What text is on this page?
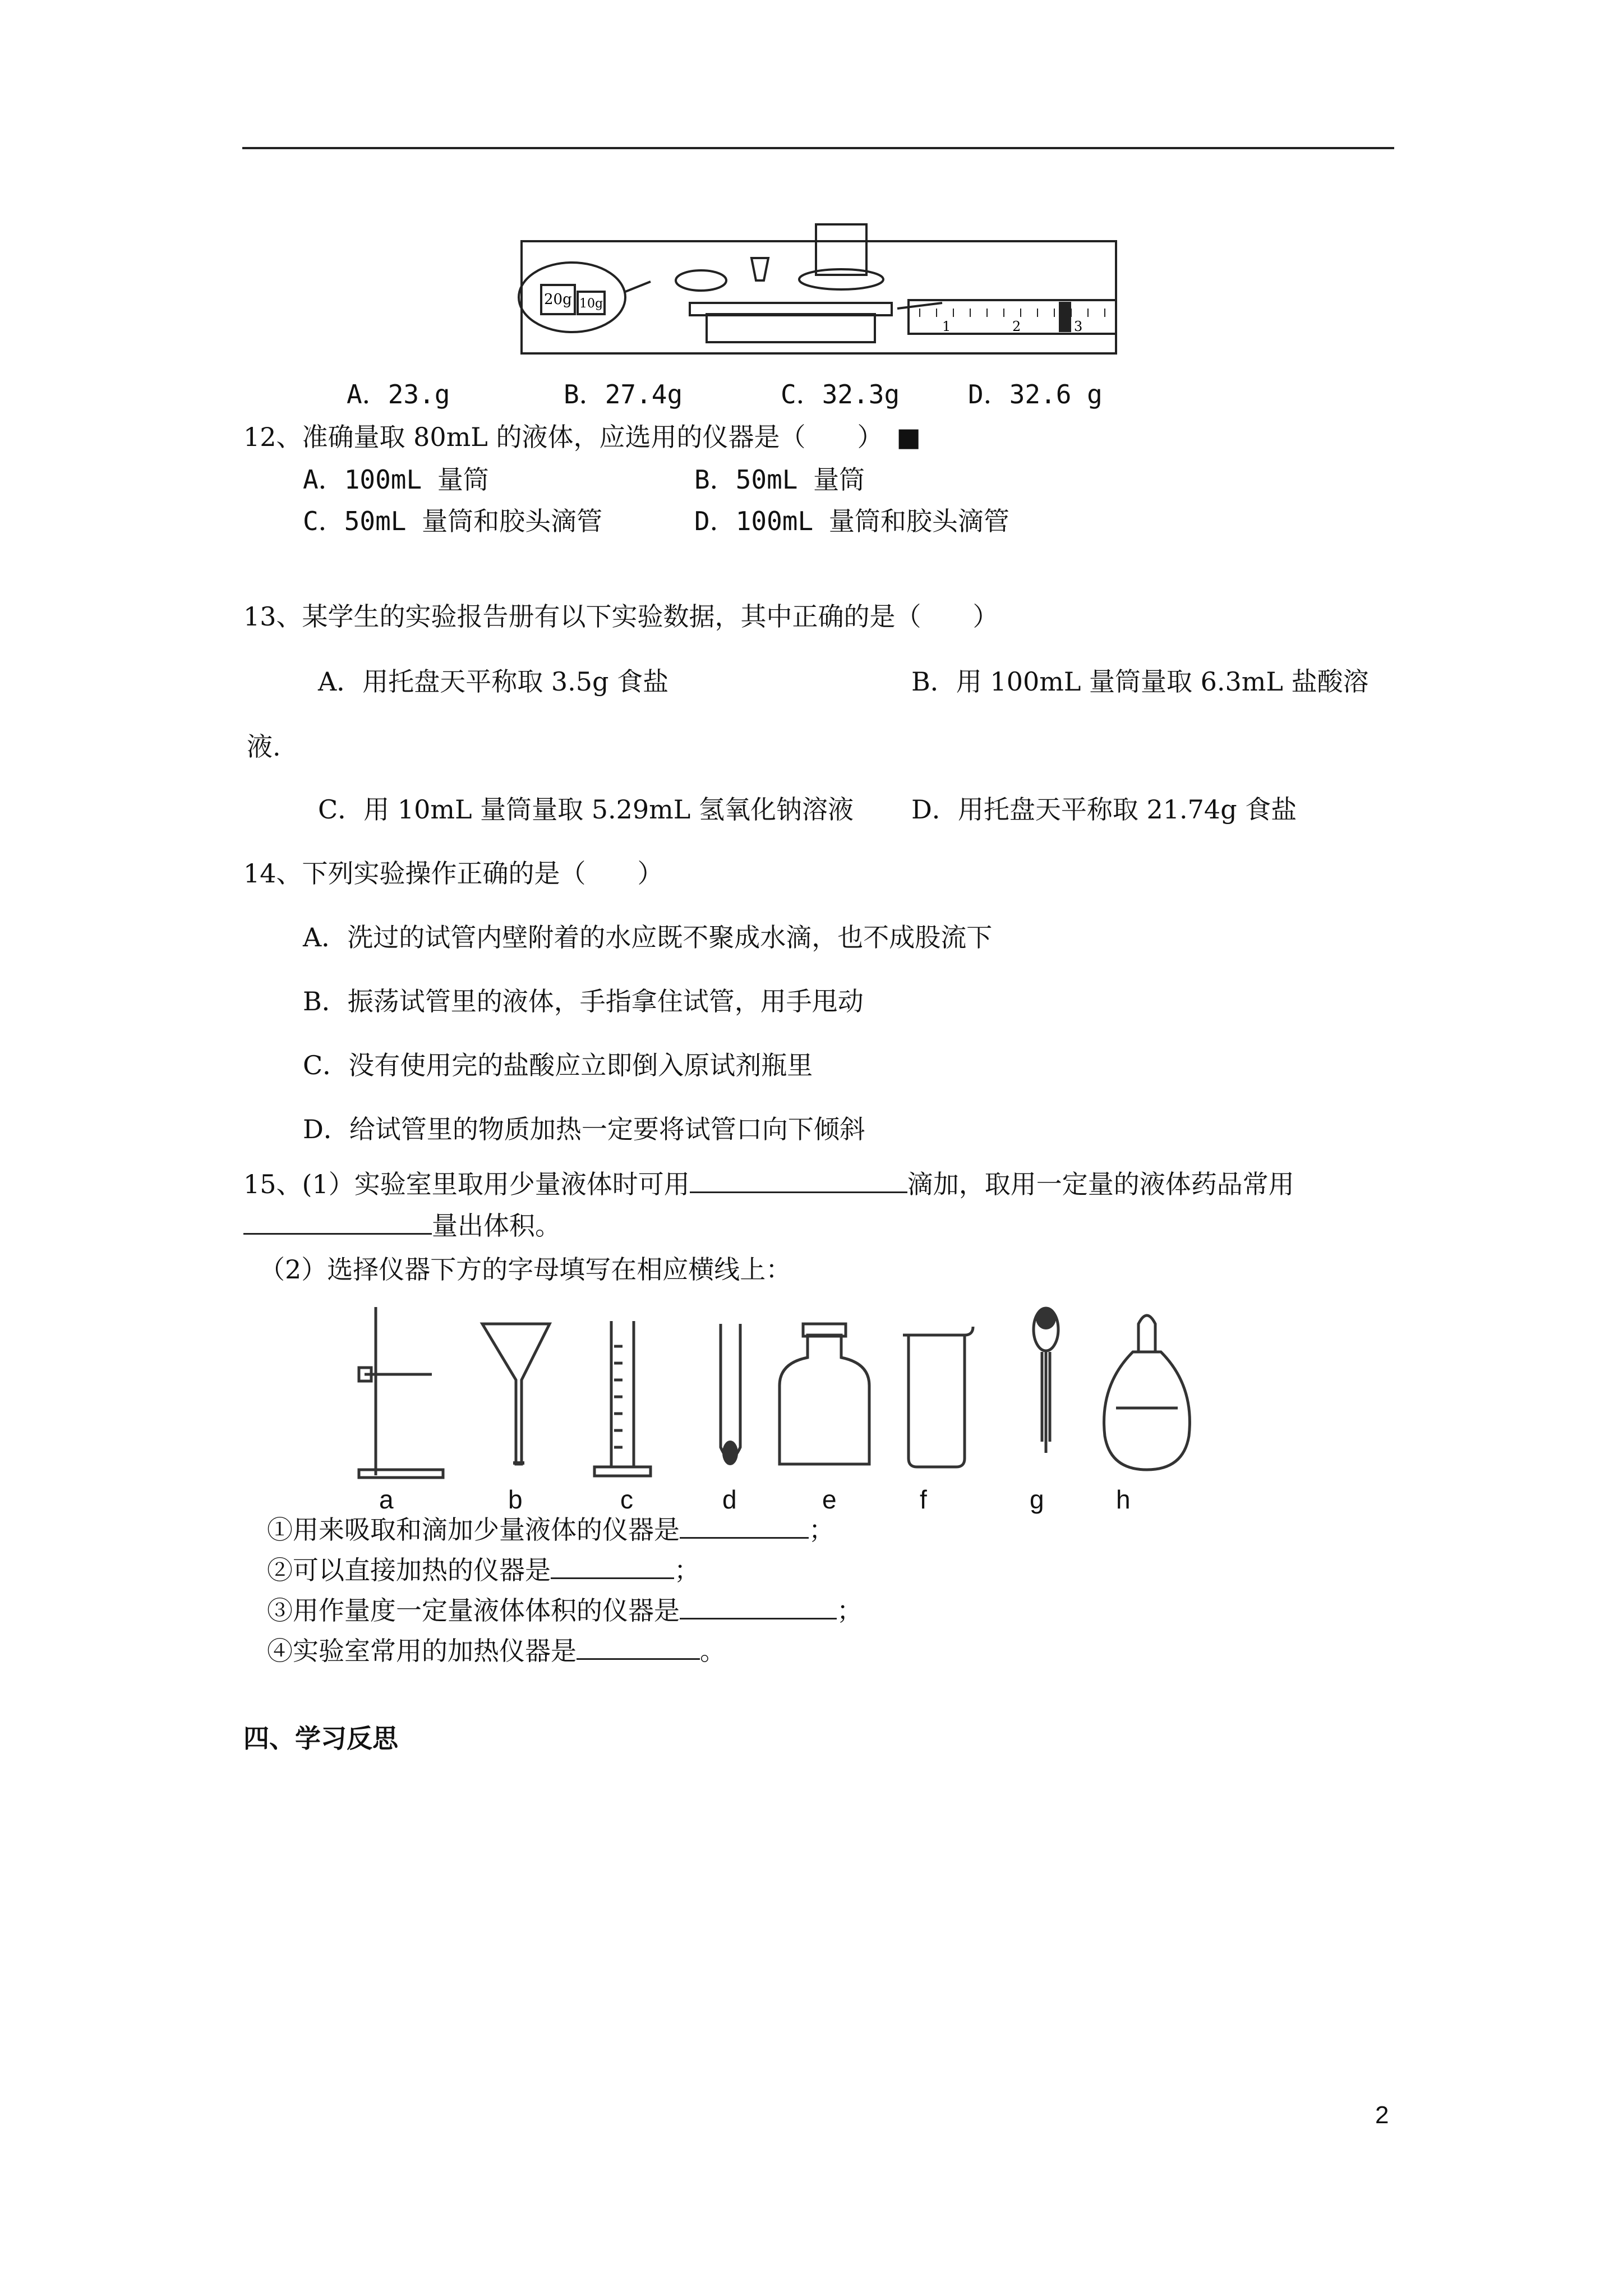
20g 10g
1	2	3
A．23.g	B．27.4g	C．32.3g	D．32.6 g
12、准确量取 80mL 的液体，应选用的仪器是（　　） ■
A．100mL 量筒	B．50mL 量筒
C．50mL 量筒和胶头滴管	D．100mL 量筒和胶头滴管
13、某学生的实验报告册有以下实验数据，其中正确的是（　　）
A．用托盘天平称取 3.5g 食盐	B．用 100mL 量筒量取 6.3mL 盐酸溶
液.
C．用 10mL 量筒量取 5.29mL 氢氧化钠溶液 D．用托盘天平称取 21.74g 食盐
14、下列实验操作正确的是（　　）
A．洗过的试管内壁附着的水应既不聚成水滴，也不成股流下
B．振荡试管里的液体，手指拿住试管，用手甩动
C．没有使用完的盐酸应立即倒入原试剂瓶里
D．给试管里的物质加热一定要将试管口向下倾斜
15、(1）实验室里取用少量液体时可用	滴加，取用一定量的液体药品常用
量出体积。
（2）选择仪器下方的字母填写在相应横线上：
a	b	c	d	e	f	g	h
①用来吸取和滴加少量液体的仪器是	；
②可以直接加热的仪器是	；
③用作量度一定量液体体积的仪器是	；
④实验室常用的加热仪器是	。
四、学习反思
2
